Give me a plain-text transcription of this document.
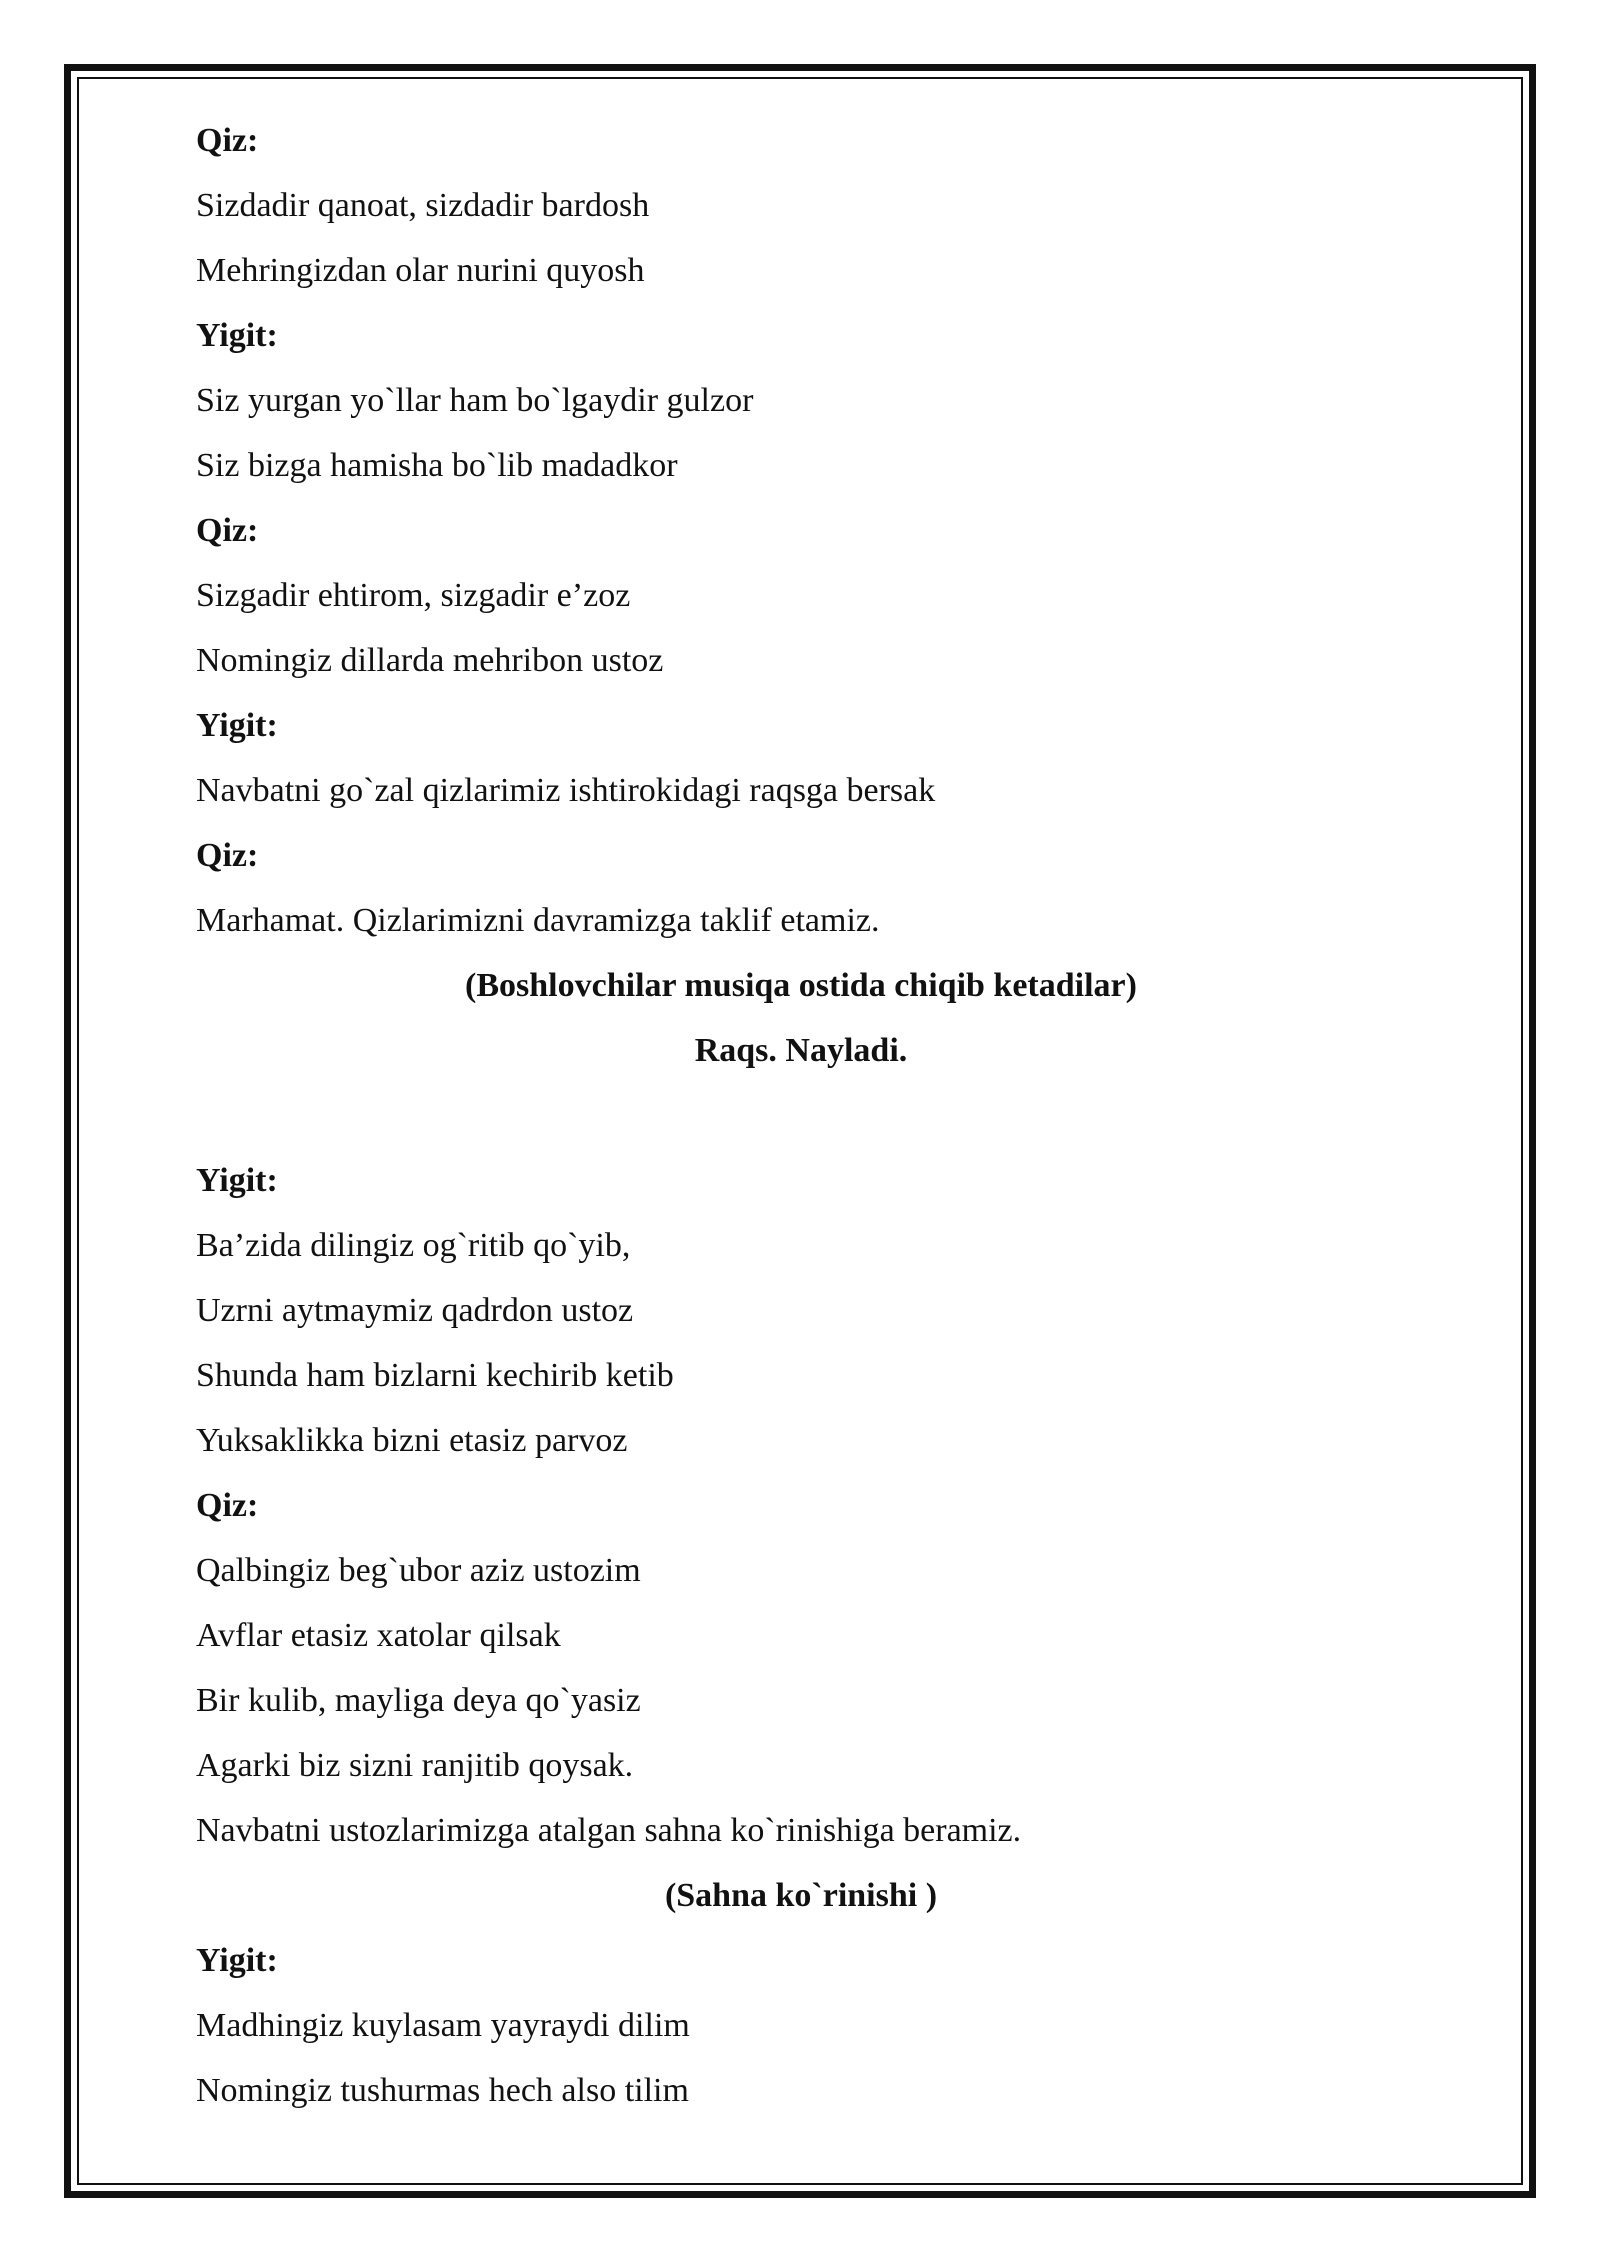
Qiz:
Sizdadir qanoat, sizdadir bardosh
Mehringizdan olar nurini quyosh
Yigit:
Siz yurgan yo`llar ham bo`lgaydir gulzor
Siz bizga hamisha bo`lib madadkor
Qiz:
Sizgadir ehtirom, sizgadir e’zoz
Nomingiz dillarda mehribon ustoz
Yigit:
Navbatni go`zal qizlarimiz ishtirokidagi raqsga bersak
Qiz:
Marhamat. Qizlarimizni davramizga taklif etamiz.
(Boshlovchilar musiqa ostida chiqib ketadilar)
Raqs. Nayladi.
Yigit:
Ba’zida dilingiz og`ritib qo`yib,
Uzrni aytmaymiz qadrdon ustoz
Shunda ham bizlarni kechirib ketib
Yuksaklikka bizni etasiz parvoz
Qiz:
Qalbingiz beg`ubor aziz ustozim
Avflar etasiz xatolar qilsak
Bir kulib, mayliga deya qo`yasiz
Agarki biz sizni ranjitib qoysak.
Navbatni ustozlarimizga atalgan sahna ko`rinishiga beramiz.
(Sahna ko`rinishi )
Yigit:
Madhingiz kuylasam yayraydi dilim
Nomingiz tushurmas hech also tilim
